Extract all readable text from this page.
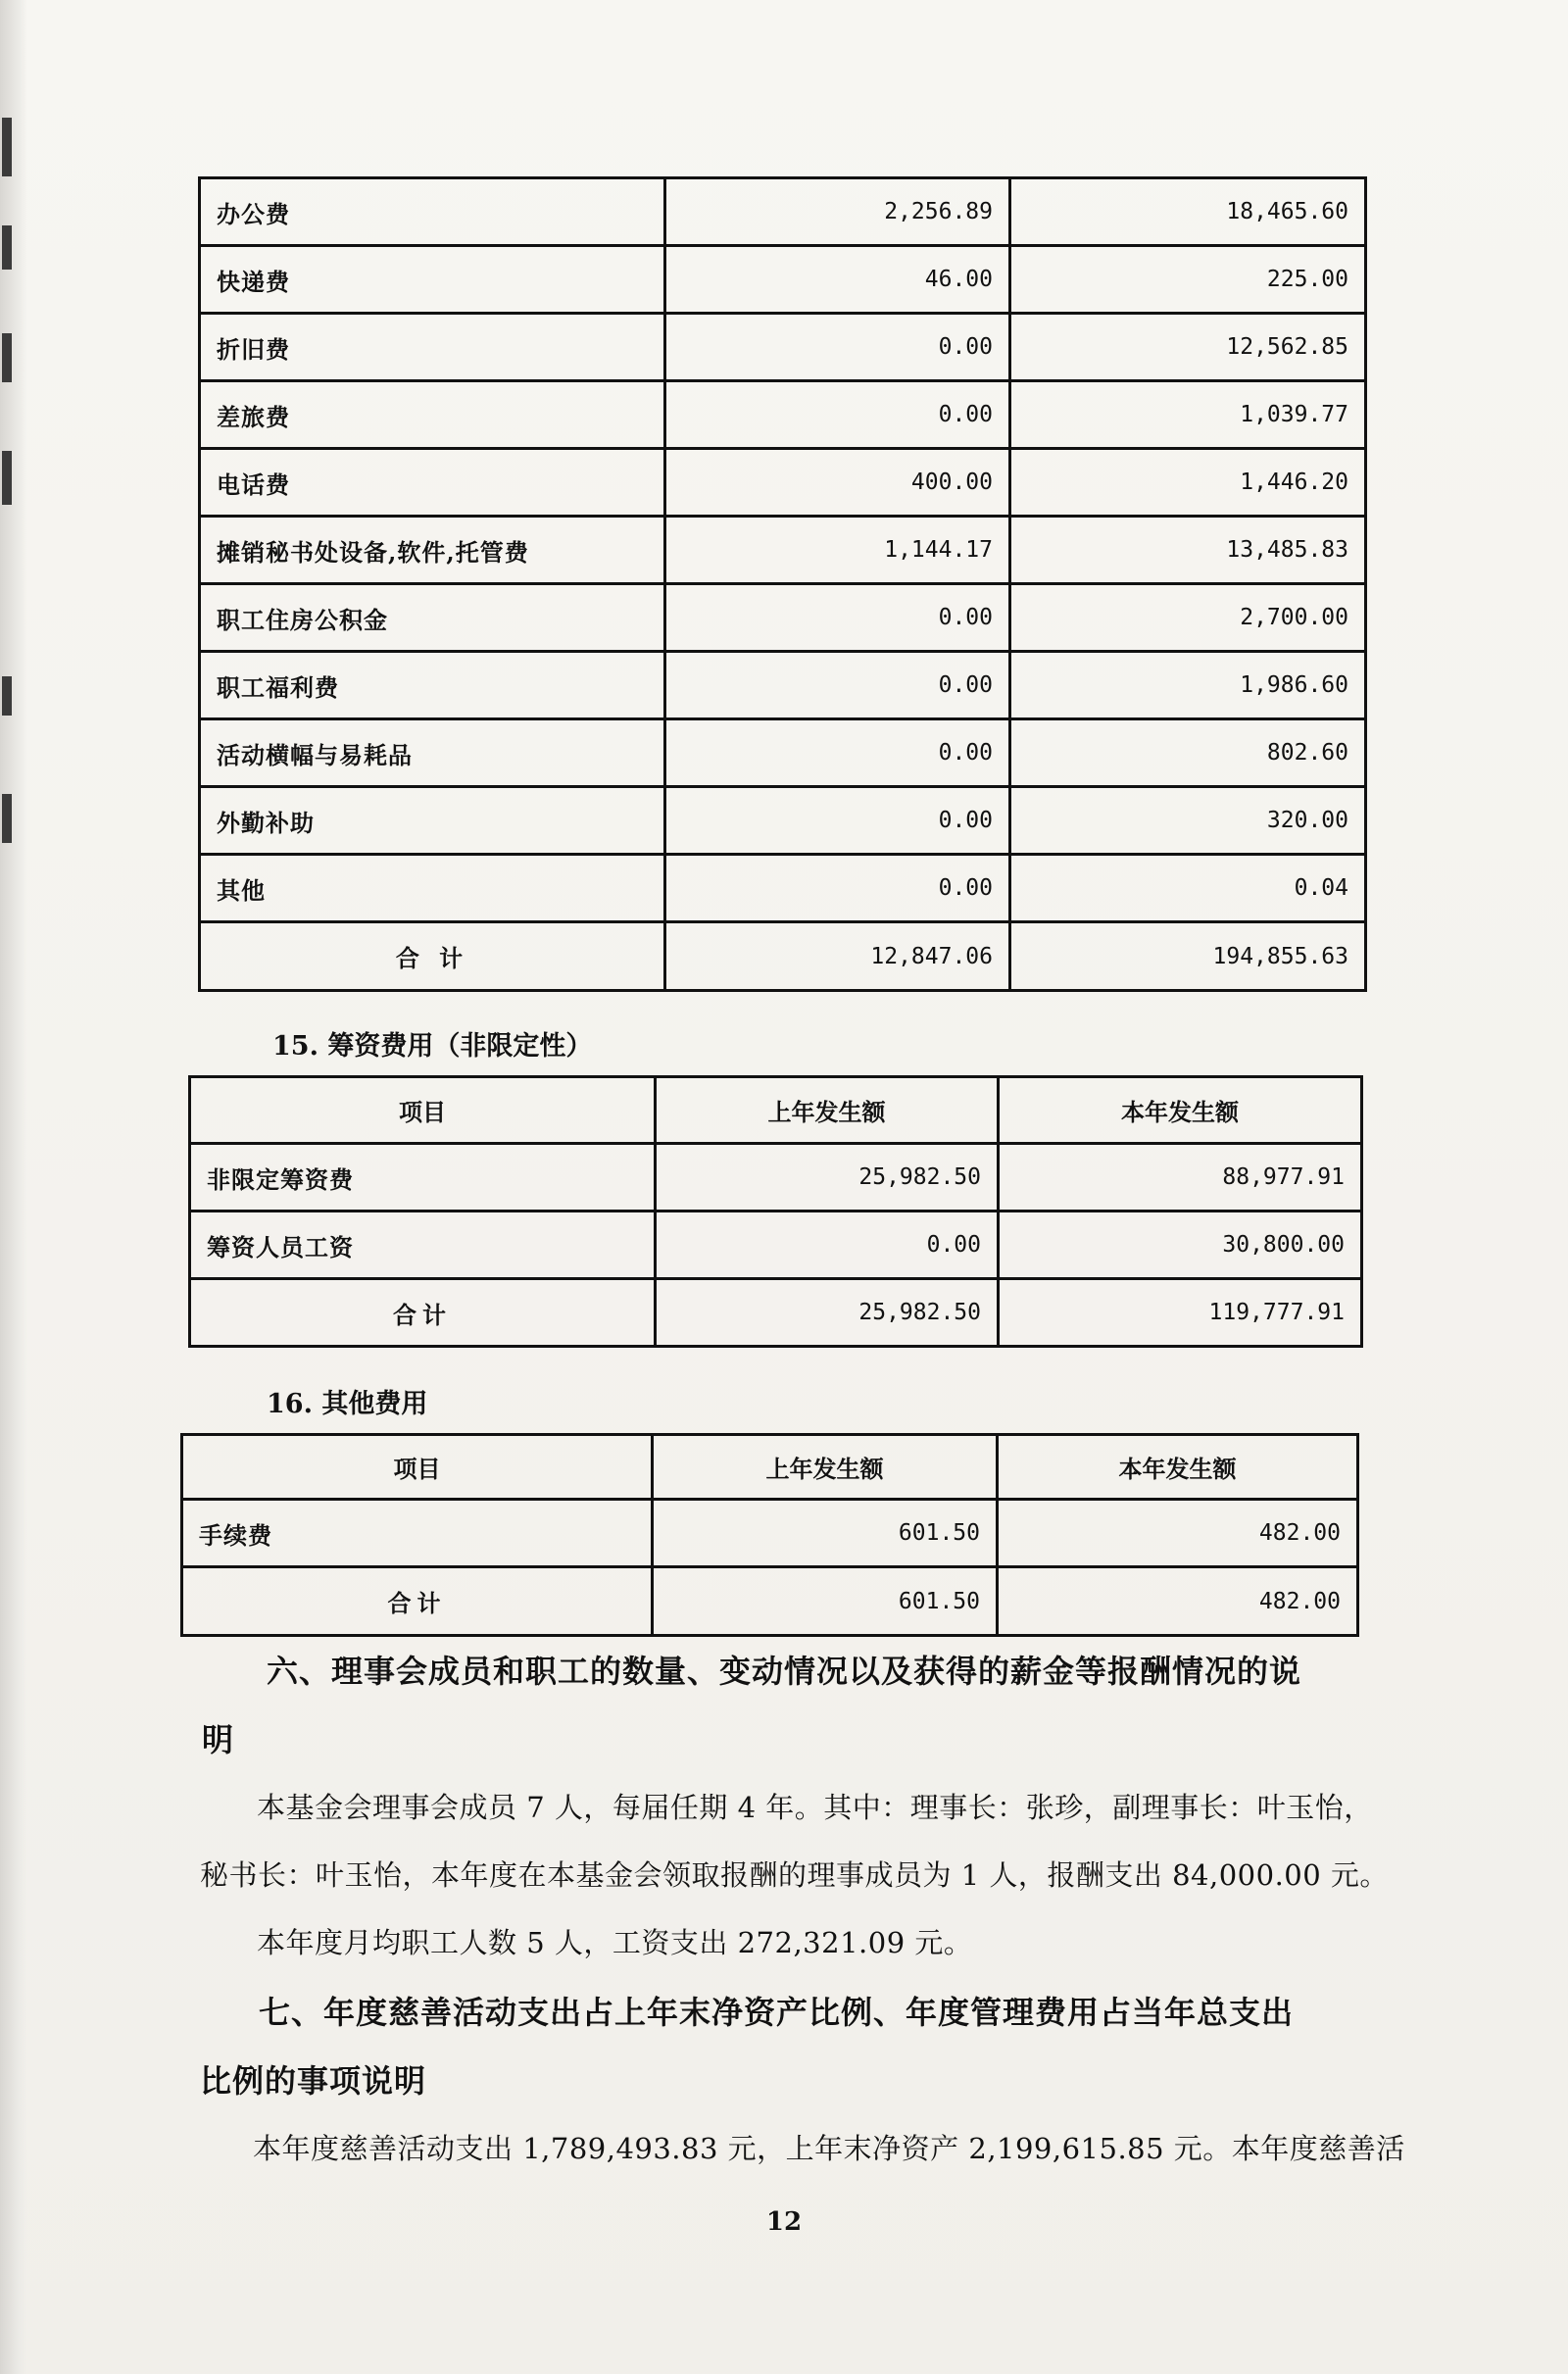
办公费	2,256.89	18,465.60
快递费	46.00	225.00
折旧费	0.00	12,562.85
差旅费	0.00	1,039.77
电话费	400.00	1,446.20
摊销秘书处设备,软件,托管费	1,144.17	13,485.83
职工住房公积金	0.00	2,700.00
职工福利费	0.00	1,986.60
活动横幅与易耗品	0.00	802.60
外勤补助	0.00	320.00
其他	0.00	0.04
合 计	12,847.06	194,855.63
15. 筹资费用（非限定性）
项目	上年发生额	本年发生额
非限定筹资费	25,982.50	88,977.91
筹资人员工资	0.00	30,800.00
合计	25,982.50	119,777.91
16. 其他费用
项目	上年发生额	本年发生额
手续费	601.50	482.00
合计	601.50	482.00
六、理事会成员和职工的数量、变动情况以及获得的薪金等报酬情况的说
明
本基金会理事会成员 7 人，每届任期 4 年。其中：理事长：张珍，副理事长：叶玉怡，
秘书长：叶玉怡，本年度在本基金会领取报酬的理事成员为 1 人，报酬支出 84,000.00 元。
本年度月均职工人数 5 人，工资支出 272,321.09 元。
七、年度慈善活动支出占上年末净资产比例、年度管理费用占当年总支出
比例的事项说明
本年度慈善活动支出 1,789,493.83 元，上年末净资产 2,199,615.85 元。本年度慈善活
12
